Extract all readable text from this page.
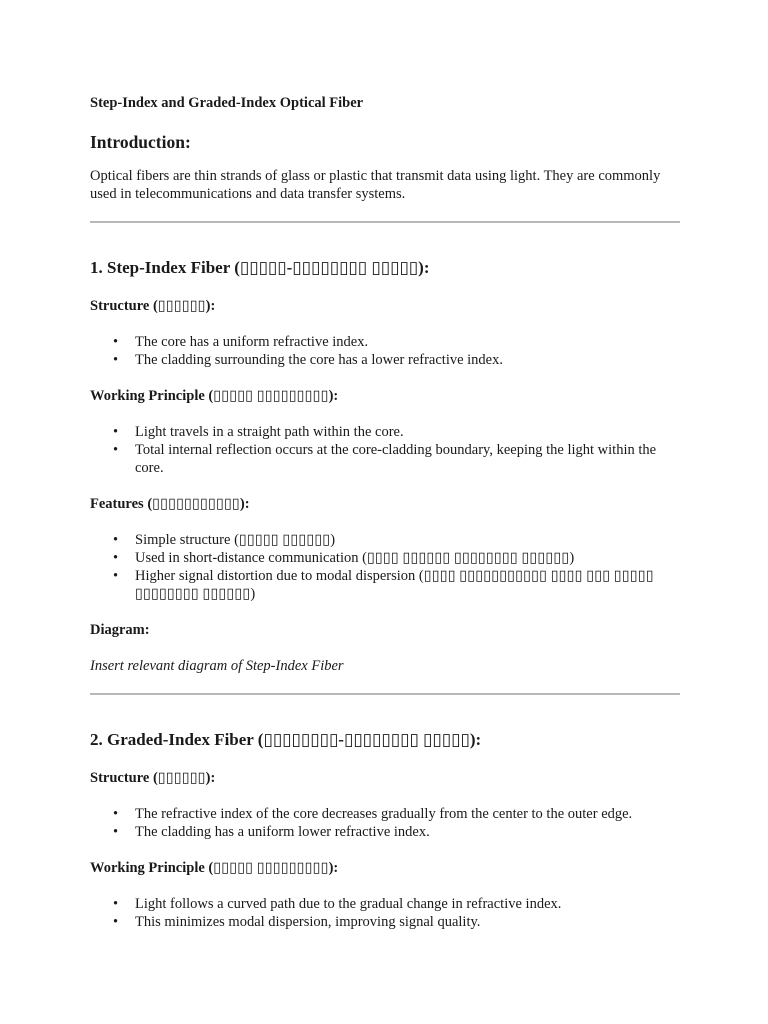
Step-Index and Graded-Index Optical Fiber

Introduction:

Optical fibers are thin strands of glass or plastic that transmit data using light. They are commonly used in telecommunications and data transfer systems.

1. Step-Index Fiber (▯▯▯▯▯-▯▯▯▯▯▯▯▯ ▯▯▯▯▯):

Structure (▯▯▯▯▯▯):

• The core has a uniform refractive index.
• The cladding surrounding the core has a lower refractive index.

Working Principle (▯▯▯▯▯ ▯▯▯▯▯▯▯▯▯):

• Light travels in a straight path within the core.
• Total internal reflection occurs at the core-cladding boundary, keeping the light within the core.

Features (▯▯▯▯▯▯▯▯▯▯▯):

• Simple structure (▯▯▯▯▯ ▯▯▯▯▯▯)
• Used in short-distance communication (▯▯▯▯ ▯▯▯▯▯▯ ▯▯▯▯▯▯▯▯ ▯▯▯▯▯▯)
• Higher signal distortion due to modal dispersion (▯▯▯▯ ▯▯▯▯▯▯▯▯▯▯▯ ▯▯▯▯ ▯▯▯ ▯▯▯▯▯ ▯▯▯▯▯▯▯▯ ▯▯▯▯▯▯)

Diagram:

Insert relevant diagram of Step-Index Fiber

2. Graded-Index Fiber (▯▯▯▯▯▯▯▯-▯▯▯▯▯▯▯▯ ▯▯▯▯▯):

Structure (▯▯▯▯▯▯):

• The refractive index of the core decreases gradually from the center to the outer edge.
• The cladding has a uniform lower refractive index.

Working Principle (▯▯▯▯▯ ▯▯▯▯▯▯▯▯▯):

• Light follows a curved path due to the gradual change in refractive index.
• This minimizes modal dispersion, improving signal quality.
